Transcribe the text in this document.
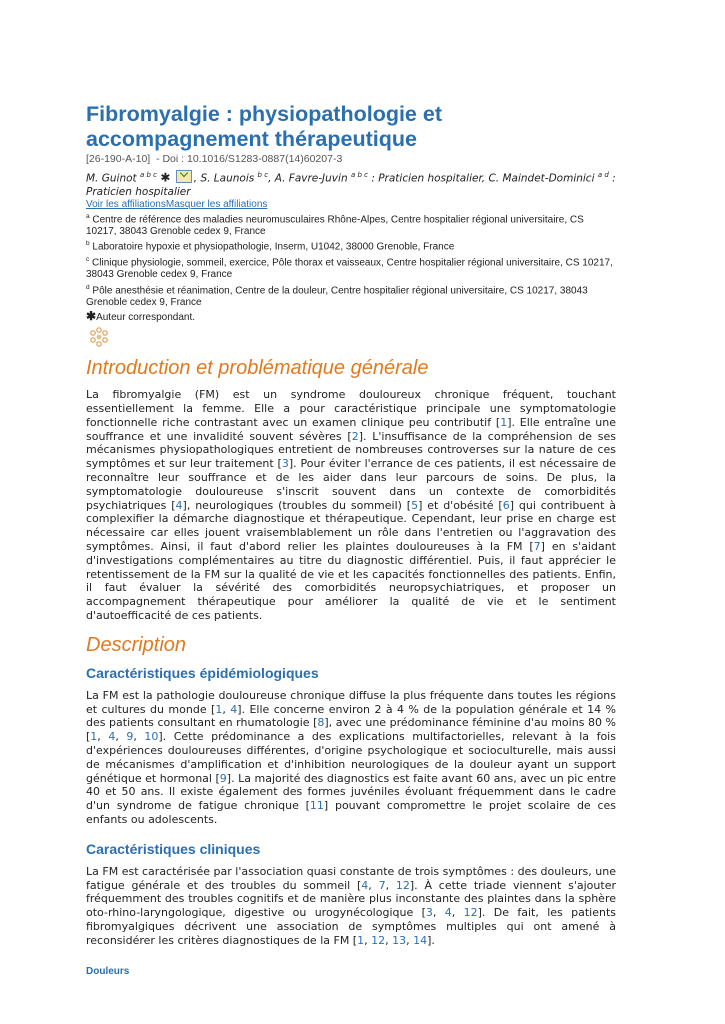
Fibromyalgie : physiopathologie et accompagnement thérapeutique
[26-190-A-10] - Doi : 10.1016/S1283-0887(14)60207-3
M. Guinot $^{a b c}$ ✱ , S. Launois $^{b c}$, A. Favre-Juvin $^{a b c}$ : Praticien hospitalier, C. Maindet-Dominici $^{a d}$ : Praticien hospitalier
Voir les affiliationsMasquer les affiliations
$^a$ Centre de référence des maladies neuromusculaires Rhône-Alpes, Centre hospitalier régional universitaire, CS 10217, 38043 Grenoble cedex 9, France
$^b$ Laboratoire hypoxie et physiopathologie, Inserm, U1042, 38000 Grenoble, France
$^c$ Clinique physiologie, sommeil, exercice, Pôle thorax et vaisseaux, Centre hospitalier régional universitaire, CS 10217, 38043 Grenoble cedex 9, France
$^d$ Pôle anesthésie et réanimation, Centre de la douleur, Centre hospitalier régional universitaire, CS 10217, 38043 Grenoble cedex 9, France
✱Auteur correspondant.
Introduction et problématique générale

La fibromyalgie (FM) est un syndrome douloureux chronique fréquent, touchant essentiellement la femme. Elle a pour caractéristique principale une symptomatologie fonctionnelle riche contrastant avec un examen clinique peu contributif [1]. Elle entraîne une souffrance et une invalidité souvent sévères [2]. L'insuffisance de la compréhension de ses mécanismes physiopathologiques entretient de nombreuses controverses sur la nature de ces symptômes et sur leur traitement [3]. Pour éviter l'errance de ces patients, il est nécessaire de reconnaître leur souffrance et de les aider dans leur parcours de soins. De plus, la symptomatologie douloureuse s'inscrit souvent dans un contexte de comorbidités psychiatriques [4], neurologiques (troubles du sommeil) [5] et d'obésité [6] qui contribuent à complexifier la démarche diagnostique et thérapeutique. Cependant, leur prise en charge est nécessaire car elles jouent vraisemblablement un rôle dans l'entretien ou l'aggravation des symptômes. Ainsi, il faut d'abord relier les plaintes douloureuses à la FM [7] en s'aidant d'investigations complémentaires au titre du diagnostic différentiel. Puis, il faut apprécier le retentissement de la FM sur la qualité de vie et les capacités fonctionnelles des patients. Enfin, il faut évaluer la sévérité des comorbidités neuropsychiatriques, et proposer un accompagnement thérapeutique pour améliorer la qualité de vie et le sentiment d'autoefficacité de ces patients.

Description
Caractéristiques épidémiologiques

La FM est la pathologie douloureuse chronique diffuse la plus fréquente dans toutes les régions et cultures du monde [1, 4]. Elle concerne environ 2 à 4 % de la population générale et 14 % des patients consultant en rhumatologie [8], avec une prédominance féminine d'au moins 80 % [1, 4, 9, 10]. Cette prédominance a des explications multifactorielles, relevant à la fois d'expériences douloureuses différentes, d'origine psychologique et socioculturelle, mais aussi de mécanismes d'amplification et d'inhibition neurologiques de la douleur ayant un support génétique et hormonal [9]. La majorité des diagnostics est faite avant 60 ans, avec un pic entre 40 et 50 ans. Il existe également des formes juvéniles évoluant fréquemment dans le cadre d'un syndrome de fatigue chronique [11] pouvant compromettre le projet scolaire de ces enfants ou adolescents.

Caractéristiques cliniques

La FM est caractérisée par l'association quasi constante de trois symptômes : des douleurs, une fatigue générale et des troubles du sommeil [4, 7, 12]. À cette triade viennent s'ajouter fréquemment des troubles cognitifs et de manière plus inconstante des plaintes dans la sphère oto-rhino-laryngologique, digestive ou urogynécologique [3, 4, 12]. De fait, les patients fibromyalgiques décrivent une association de symptômes multiples qui ont amené à reconsidérer les critères diagnostiques de la FM [1, 12, 13, 14].

Douleurs
